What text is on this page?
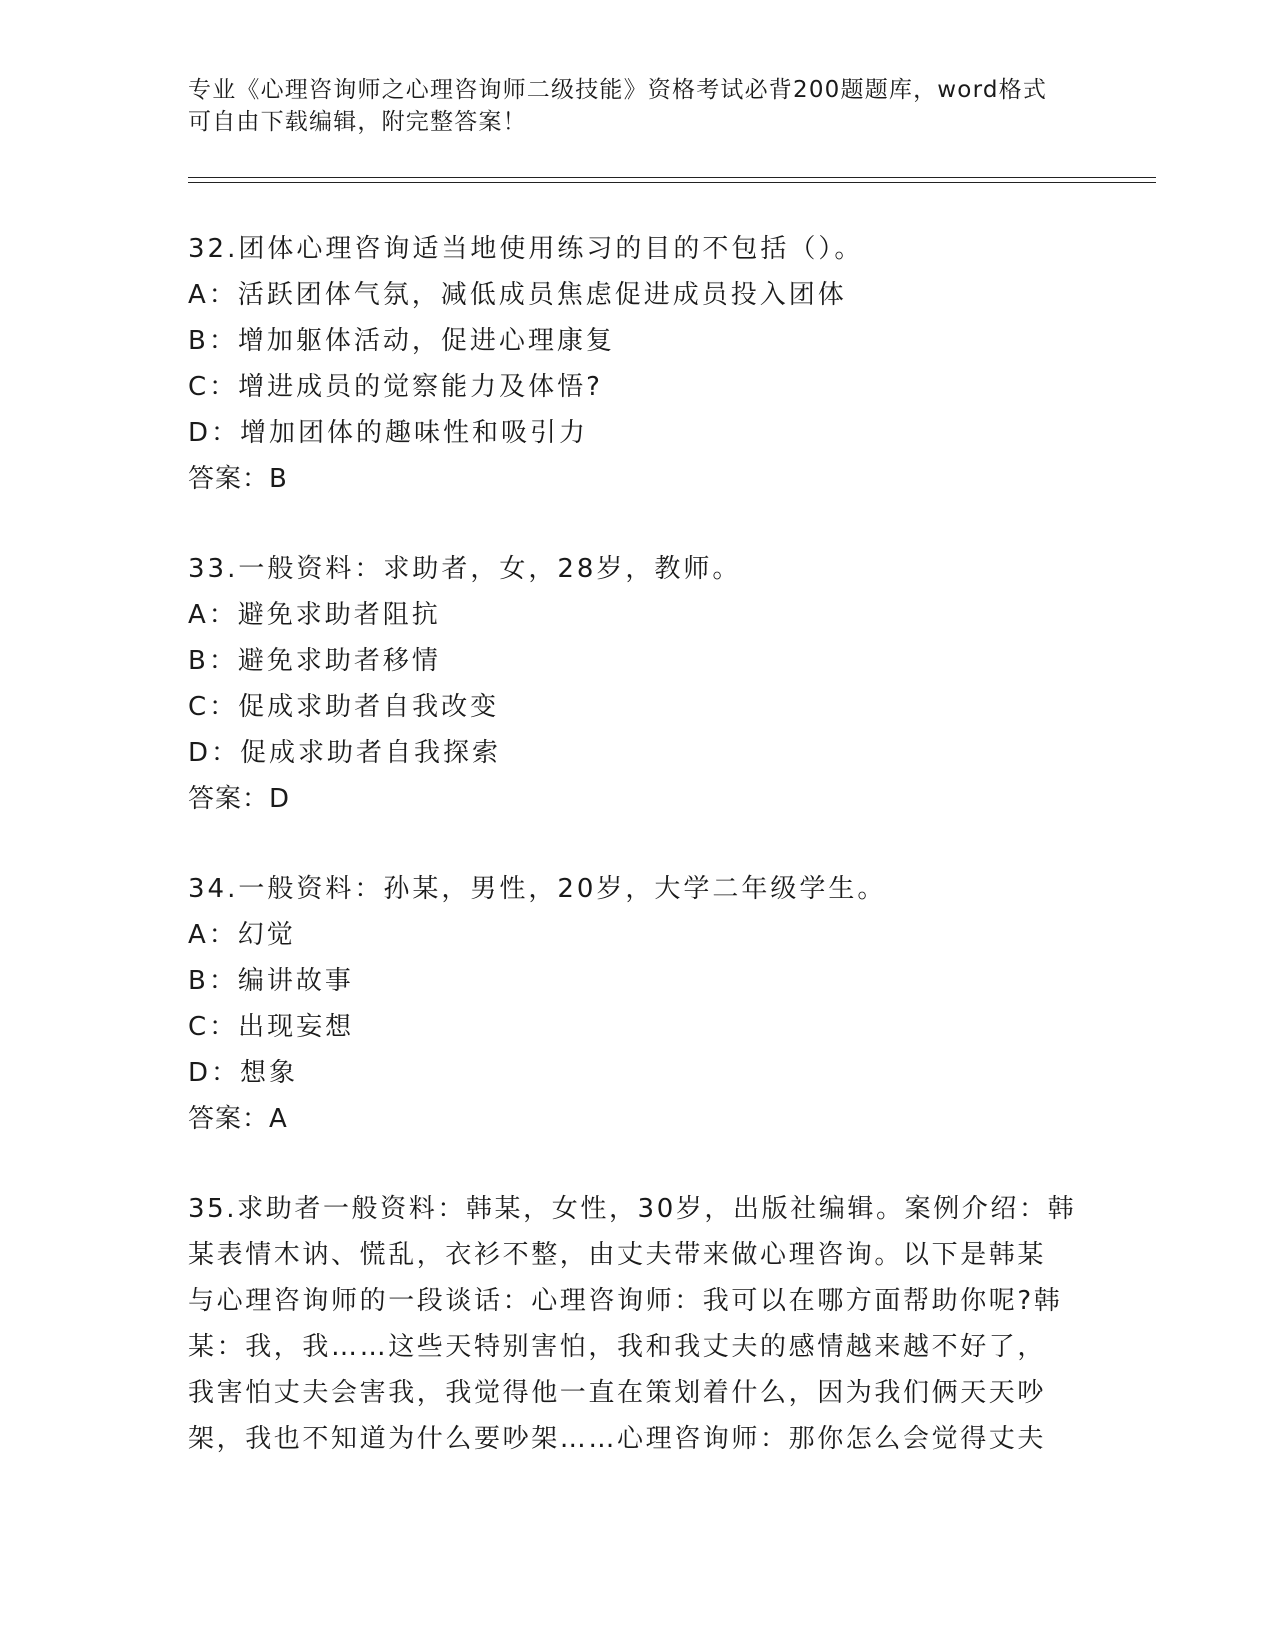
专业《心理咨询师之心理咨询师二级技能》资格考试必背200题题库，word格式
可自由下载编辑，附完整答案！
32.团体心理咨询适当地使用练习的目的不包括（）。
A：活跃团体气氛，减低成员焦虑促进成员投入团体
B：增加躯体活动，促进心理康复
C：增进成员的觉察能力及体悟?
D：增加团体的趣味性和吸引力
答案：B
33.一般资料：求助者，女，28岁，教师。
A：避免求助者阻抗
B：避免求助者移情
C：促成求助者自我改变
D：促成求助者自我探索
答案：D
34.一般资料：孙某，男性，20岁，大学二年级学生。
A：幻觉
B：编讲故事
C：出现妄想
D：想象
答案：A
35.求助者一般资料：韩某，女性，30岁，出版社编辑。案例介绍：韩
某表情木讷、慌乱，衣衫不整，由丈夫带来做心理咨询。以下是韩某
与心理咨询师的一段谈话：心理咨询师：我可以在哪方面帮助你呢?韩
某：我，我……这些天特别害怕，我和我丈夫的感情越来越不好了，
我害怕丈夫会害我，我觉得他一直在策划着什么，因为我们俩天天吵
架，我也不知道为什么要吵架……心理咨询师：那你怎么会觉得丈夫
